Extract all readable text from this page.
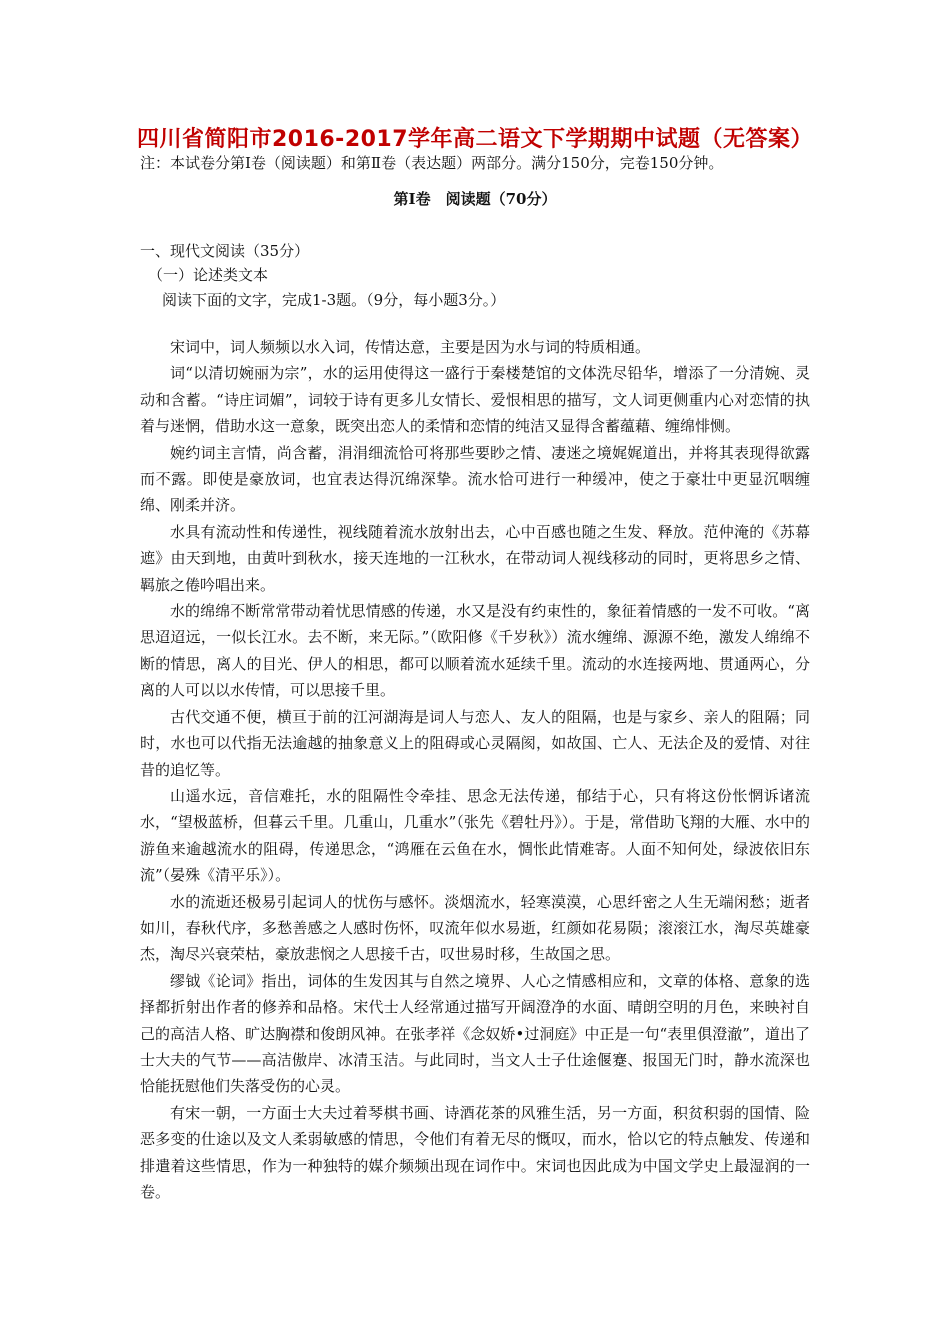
四川省简阳市2016-2017学年高二语文下学期期中试题（无答案）
注：本试卷分第Ⅰ卷（阅读题）和第Ⅱ卷（表达题）两部分。满分150分，完卷150分钟。
第Ⅰ卷　阅读题（70分）
一、现代文阅读（35分）
（一）论述类文本
阅读下面的文字，完成1-3题。（9分，每小题3分。）

宋词中，词人频频以水入词，传情达意，主要是因为水与词的特质相通。

词“以清切婉丽为宗”，水的运用使得这一盛行于秦楼楚馆的文体洗尽铅华，增添了一分清婉、灵动和含蓄。“诗庄词媚”，词较于诗有更多儿女情长、爱恨相思的描写，文人词更侧重内心对恋情的执着与迷惘，借助水这一意象，既突出恋人的柔情和恋情的纯洁又显得含蓄蕴藉、缠绵悱恻。

婉约词主言情，尚含蓄，涓涓细流恰可将那些要眇之情、凄迷之境娓娓道出，并将其表现得欲露而不露。即使是豪放词，也宜表达得沉绵深挚。流水恰可进行一种缓冲，使之于豪壮中更显沉咽缠绵、刚柔并济。

水具有流动性和传递性，视线随着流水放射出去，心中百感也随之生发、释放。范仲淹的《苏幕遮》由天到地，由黄叶到秋水，接天连地的一江秋水，在带动词人视线移动的同时，更将思乡之情、羁旅之倦吟唱出来。

水的绵绵不断常常带动着忧思情感的传递，水又是没有约束性的，象征着情感的一发不可收。“离思迢迢远，一似长江水。去不断，来无际。”（欧阳修《千岁秋》）流水缠绵、源源不绝，激发人绵绵不断的情思，离人的目光、伊人的相思，都可以顺着流水延续千里。流动的水连接两地、贯通两心，分离的人可以以水传情，可以思接千里。

古代交通不便，横亘于前的江河湖海是词人与恋人、友人的阻隔，也是与家乡、亲人的阻隔；同时，水也可以代指无法逾越的抽象意义上的阻碍或心灵隔阂，如故国、亡人、无法企及的爱情、对往昔的追忆等。

山遥水远，音信难托，水的阻隔性令牵挂、思念无法传递，郁结于心，只有将这份怅惘诉诸流水，“望极蓝桥，但暮云千里。几重山，几重水”（张先《碧牡丹》）。于是，常借助飞翔的大雁、水中的游鱼来逾越流水的阻碍，传递思念，“鸿雁在云鱼在水，惆怅此情难寄。人面不知何处，绿波依旧东流”（晏殊《清平乐》）。

水的流逝还极易引起词人的忧伤与感怀。淡烟流水，轻寒漠漠，心思纤密之人生无端闲愁；逝者如川，春秋代序，多愁善感之人感时伤怀，叹流年似水易逝，红颜如花易陨；滚滚江水，淘尽英雄豪杰，淘尽兴衰荣枯，豪放悲悯之人思接千古，叹世易时移，生故国之思。

缪钺《论词》指出，词体的生发因其与自然之境界、人心之情感相应和，文章的体格、意象的选择都折射出作者的修养和品格。宋代士人经常通过描写开阔澄净的水面、晴朗空明的月色，来映衬自己的高洁人格、旷达胸襟和俊朗风神。在张孝祥《念奴娇•过洞庭》中正是一句“表里俱澄澈”，道出了士大夫的气节——高洁傲岸、冰清玉洁。与此同时，当文人士子仕途偃蹇、报国无门时，静水流深也恰能抚慰他们失落受伤的心灵。

有宋一朝，一方面士大夫过着琴棋书画、诗酒花茶的风雅生活，另一方面，积贫积弱的国情、险恶多变的仕途以及文人柔弱敏感的情思，令他们有着无尽的慨叹，而水，恰以它的特点触发、传递和排遣着这些情思，作为一种独特的媒介频频出现在词作中。宋词也因此成为中国文学史上最湿润的一卷。
